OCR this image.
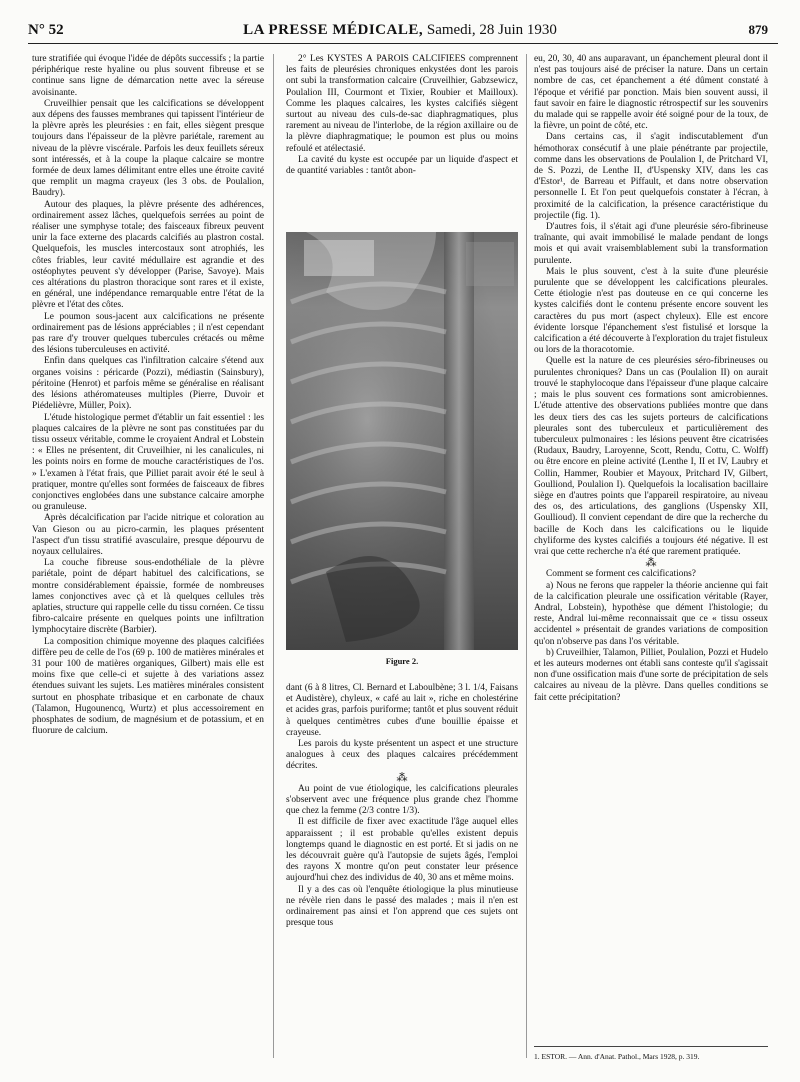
N° 52	LA PRESSE MÉDICALE, Samedi, 28 Juin 1930	879

ture stratifiée qui évoque l'idée de dépôts successifs ; la partie périphérique reste hyaline ou plus souvent fibreuse et se continue sans ligne de démarcation nette avec la séreuse avoisinante.

Cruveilhier pensait que les calcifications se développent aux dépens des fausses membranes qui tapissent l'intérieur de la plèvre après les pleurésies : en fait, elles siègent presque toujours dans l'épaisseur de la plèvre pariétale, rarement au niveau de la plèvre viscérale. Parfois les deux feuillets séreux sont intéressés, et à la coupe la plaque calcaire se montre formée de deux lames délimitant entre elles une étroite cavité que remplit un magma crayeux (les 3 obs. de Poulalion, Baudry).

Autour des plaques, la plèvre présente des adhérences, ordinairement assez lâches, quelquefois serrées au point de réaliser une symphyse totale; des faisceaux fibreux peuvent unir la face externe des placards calcifiés au plastron costal. Quelquefois, les muscles intercostaux sont atrophiés, les côtes friables, leur cavité médullaire est agrandie et des ostéophytes peuvent s'y développer (Parise, Savoye). Mais ces altérations du plastron thoracique sont rares et il existe, en général, une indépendance remarquable entre l'état de la plèvre et l'état des côtes.

Le poumon sous-jacent aux calcifications ne présente ordinairement pas de lésions appréciables ; il n'est cependant pas rare d'y trouver quelques tubercules crétacés ou même des lésions tuberculeuses en activité.

Enfin dans quelques cas l'infiltration calcaire s'étend aux organes voisins : péricarde (Pozzi), médiastin (Sainsbury), péritoine (Henrot) et parfois même se généralise en réalisant des lésions athéromateuses multiples (Pierre, Duvoir et Piédelièvre, Müller, Poix).

L'étude histologique permet d'établir un fait essentiel : les plaques calcaires de la plèvre ne sont pas constituées par du tissu osseux véritable, comme le croyaient Andral et Lobstein : « Elles ne présentent, dit Cruveilhier, ni les canalicules, ni les points noirs en forme de mouche caractéristiques de l'os. » L'examen à l'état frais, que Pilliet parait avoir été le seul à pratiquer, montre qu'elles sont formées de faisceaux de fibres conjonctives englobées dans une substance calcaire amorphe ou granuleuse.

Après décalcification par l'acide nitrique et coloration au Van Gieson ou au picro-carmin, les plaques présentent l'aspect d'un tissu stratifié avasculaire, presque dépourvu de noyaux cellulaires.

La couche fibreuse sous-endothéliale de la plèvre pariétale, point de départ habituel des calcifications, se montre considérablement épaissie, formée de nombreuses lames conjonctives avec çà et là quelques cellules très aplaties, structure qui rappelle celle du tissu cornéen. Ce tissu fibro-calcaire présente en quelques points une infiltration lymphocytaire discrète (Barbier).

La composition chimique moyenne des plaques calcifiées diffère peu de celle de l'os (69 p. 100 de matières minérales et 31 pour 100 de matières organiques, Gilbert) mais elle est moins fixe que celle-ci et sujette à des variations assez étendues suivant les sujets. Les matières minérales consistent surtout en phosphate tribasique et en carbonate de chaux (Talamon, Hugounencq, Wurtz) et plus accessoirement en phosphates de sodium, de magnésium et de potassium, et en fluorure de calcium.

2° Les KYSTES À PAROIS CALCIFIÉES comprennent les faits de pleurésies chroniques enkystées dont les parois ont subi la transformation calcaire (Cruveilhier, Gabzsewicz, Poulalion III, Courmont et Tixier, Roubier et Mailloux). Comme les plaques calcaires, les kystes calcifiés siègent surtout au niveau des culs-de-sac diaphragmatiques, plus rarement au niveau de l'interlobe, de la région axillaire ou de la plèvre diaphragmatique; le poumon est plus ou moins refoulé et atélectasié.

La cavité du kyste est occupée par un liquide d'aspect et de quantité variables : tantôt abon-

Figure 2.

dant (6 à 8 litres, Cl. Bernard et Laboulbène; 3 l. 1/4, Faisans et Audistère), chyleux, « café au lait », riche en cholestérine et acides gras, parfois puriforme; tantôt et plus souvent réduit à quelques centimètres cubes d'une bouillie épaisse et crayeuse.

Les parois du kyste présentent un aspect et une structure analogues à ceux des plaques calcaires précédemment décrites.

⁂

Au point de vue étiologique, les calcifications pleurales s'observent avec une fréquence plus grande chez l'homme que chez la femme (2/3 contre 1/3).

Il est difficile de fixer avec exactitude l'âge auquel elles apparaissent ; il est probable qu'elles existent depuis longtemps quand le diagnostic en est porté. Et si jadis on ne les découvrait guère qu'à l'autopsie de sujets âgés, l'emploi des rayons X montre qu'on peut constater leur présence aujourd'hui chez des individus de 40, 30 ans et même moins.

Il y a des cas où l'enquête étiologique la plus minutieuse ne révèle rien dans le passé des malades ; mais il n'en est ordinairement pas ainsi et l'on apprend que ces sujets ont presque tous

eu, 20, 30, 40 ans auparavant, un épanchement pleural dont il n'est pas toujours aisé de préciser la nature. Dans un certain nombre de cas, cet épanchement a été dûment constaté à l'époque et vérifié par ponction. Mais bien souvent aussi, il faut savoir en faire le diagnostic rétrospectif sur les souvenirs du malade qui se rappelle avoir été soigné pour de la toux, de la fièvre, un point de côté, etc.

Dans certains cas, il s'agit indiscutablement d'un hémothorax consécutif à une plaie pénétrante par projectile, comme dans les observations de Poulalion I, de Pritchard VI, de S. Pozzi, de Lenthe II, d'Uspensky XIV, dans les cas d'Estor¹, de Barreau et Piffault, et dans notre observation personnelle I. Et l'on peut quelquefois constater à l'écran, à proximité de la calcification, la présence caractéristique du projectile (fig. 1).

D'autres fois, il s'était agi d'une pleurésie séro-fibrineuse traînante, qui avait immobilisé le malade pendant de longs mois et qui avait vraisemblablement subi la transformation purulente.

Mais le plus souvent, c'est à la suite d'une pleurésie purulente que se développent les calcifications pleurales. Cette étiologie n'est pas douteuse en ce qui concerne les kystes calcifiés dont le contenu présente encore souvent les caractères du pus mort (aspect chyleux). Elle est encore évidente lorsque l'épanchement s'est fistulisé et lorsque la calcification a été découverte à l'exploration du trajet fistuleux ou lors de la thoracotomie.

Quelle est la nature de ces pleurésies séro-fibrineuses ou purulentes chroniques? Dans un cas (Poulalion II) on aurait trouvé le staphylocoque dans l'épaisseur d'une plaque calcaire ; mais le plus souvent ces formations sont amicrobiennes. L'étude attentive des observations publiées montre que dans les deux tiers des cas les sujets porteurs de calcifications pleurales sont des tuberculeux et particulièrement des tuberculeux pulmonaires : les lésions peuvent être cicatrisées (Rudaux, Baudry, Laroyenne, Scott, Rendu, Cottu, C. Wolff) ou être encore en pleine activité (Lenthe I, II et IV, Laubry et Collin, Hammer, Roubier et Mayoux, Pritchard IV, Gilbert, Goulliond, Poulalion I). Quelquefois la localisation bacillaire siège en d'autres points que l'appareil respiratoire, au niveau des os, des articulations, des ganglions (Uspensky XII, Goullioud). Il convient cependant de dire que la recherche du bacille de Koch dans les calcifications ou le liquide chyliforme des kystes calcifiés a toujours été négative. Il est vrai que cette recherche n'a été que rarement pratiquée.

⁂

Comment se forment ces calcifications?

a) Nous ne ferons que rappeler la théorie ancienne qui fait de la calcification pleurale une ossification véritable (Rayer, Andral, Lobstein), hypothèse que dément l'histologie; du reste, Andral lui-même reconnaissait que ce « tissu osseux accidentel » présentait de grandes variations de composition qu'on n'observe pas dans l'os véritable.

b) Cruveilhier, Talamon, Pilliet, Poulalion, Pozzi et Hudelo et les auteurs modernes ont établi sans conteste qu'il s'agissait non d'une ossification mais d'une sorte de précipitation de sels calcaires au niveau de la plèvre. Dans quelles conditions se fait cette précipitation?

1. ESTOR. — Ann. d'Anat. Pathol., Mars 1928, p. 319.
